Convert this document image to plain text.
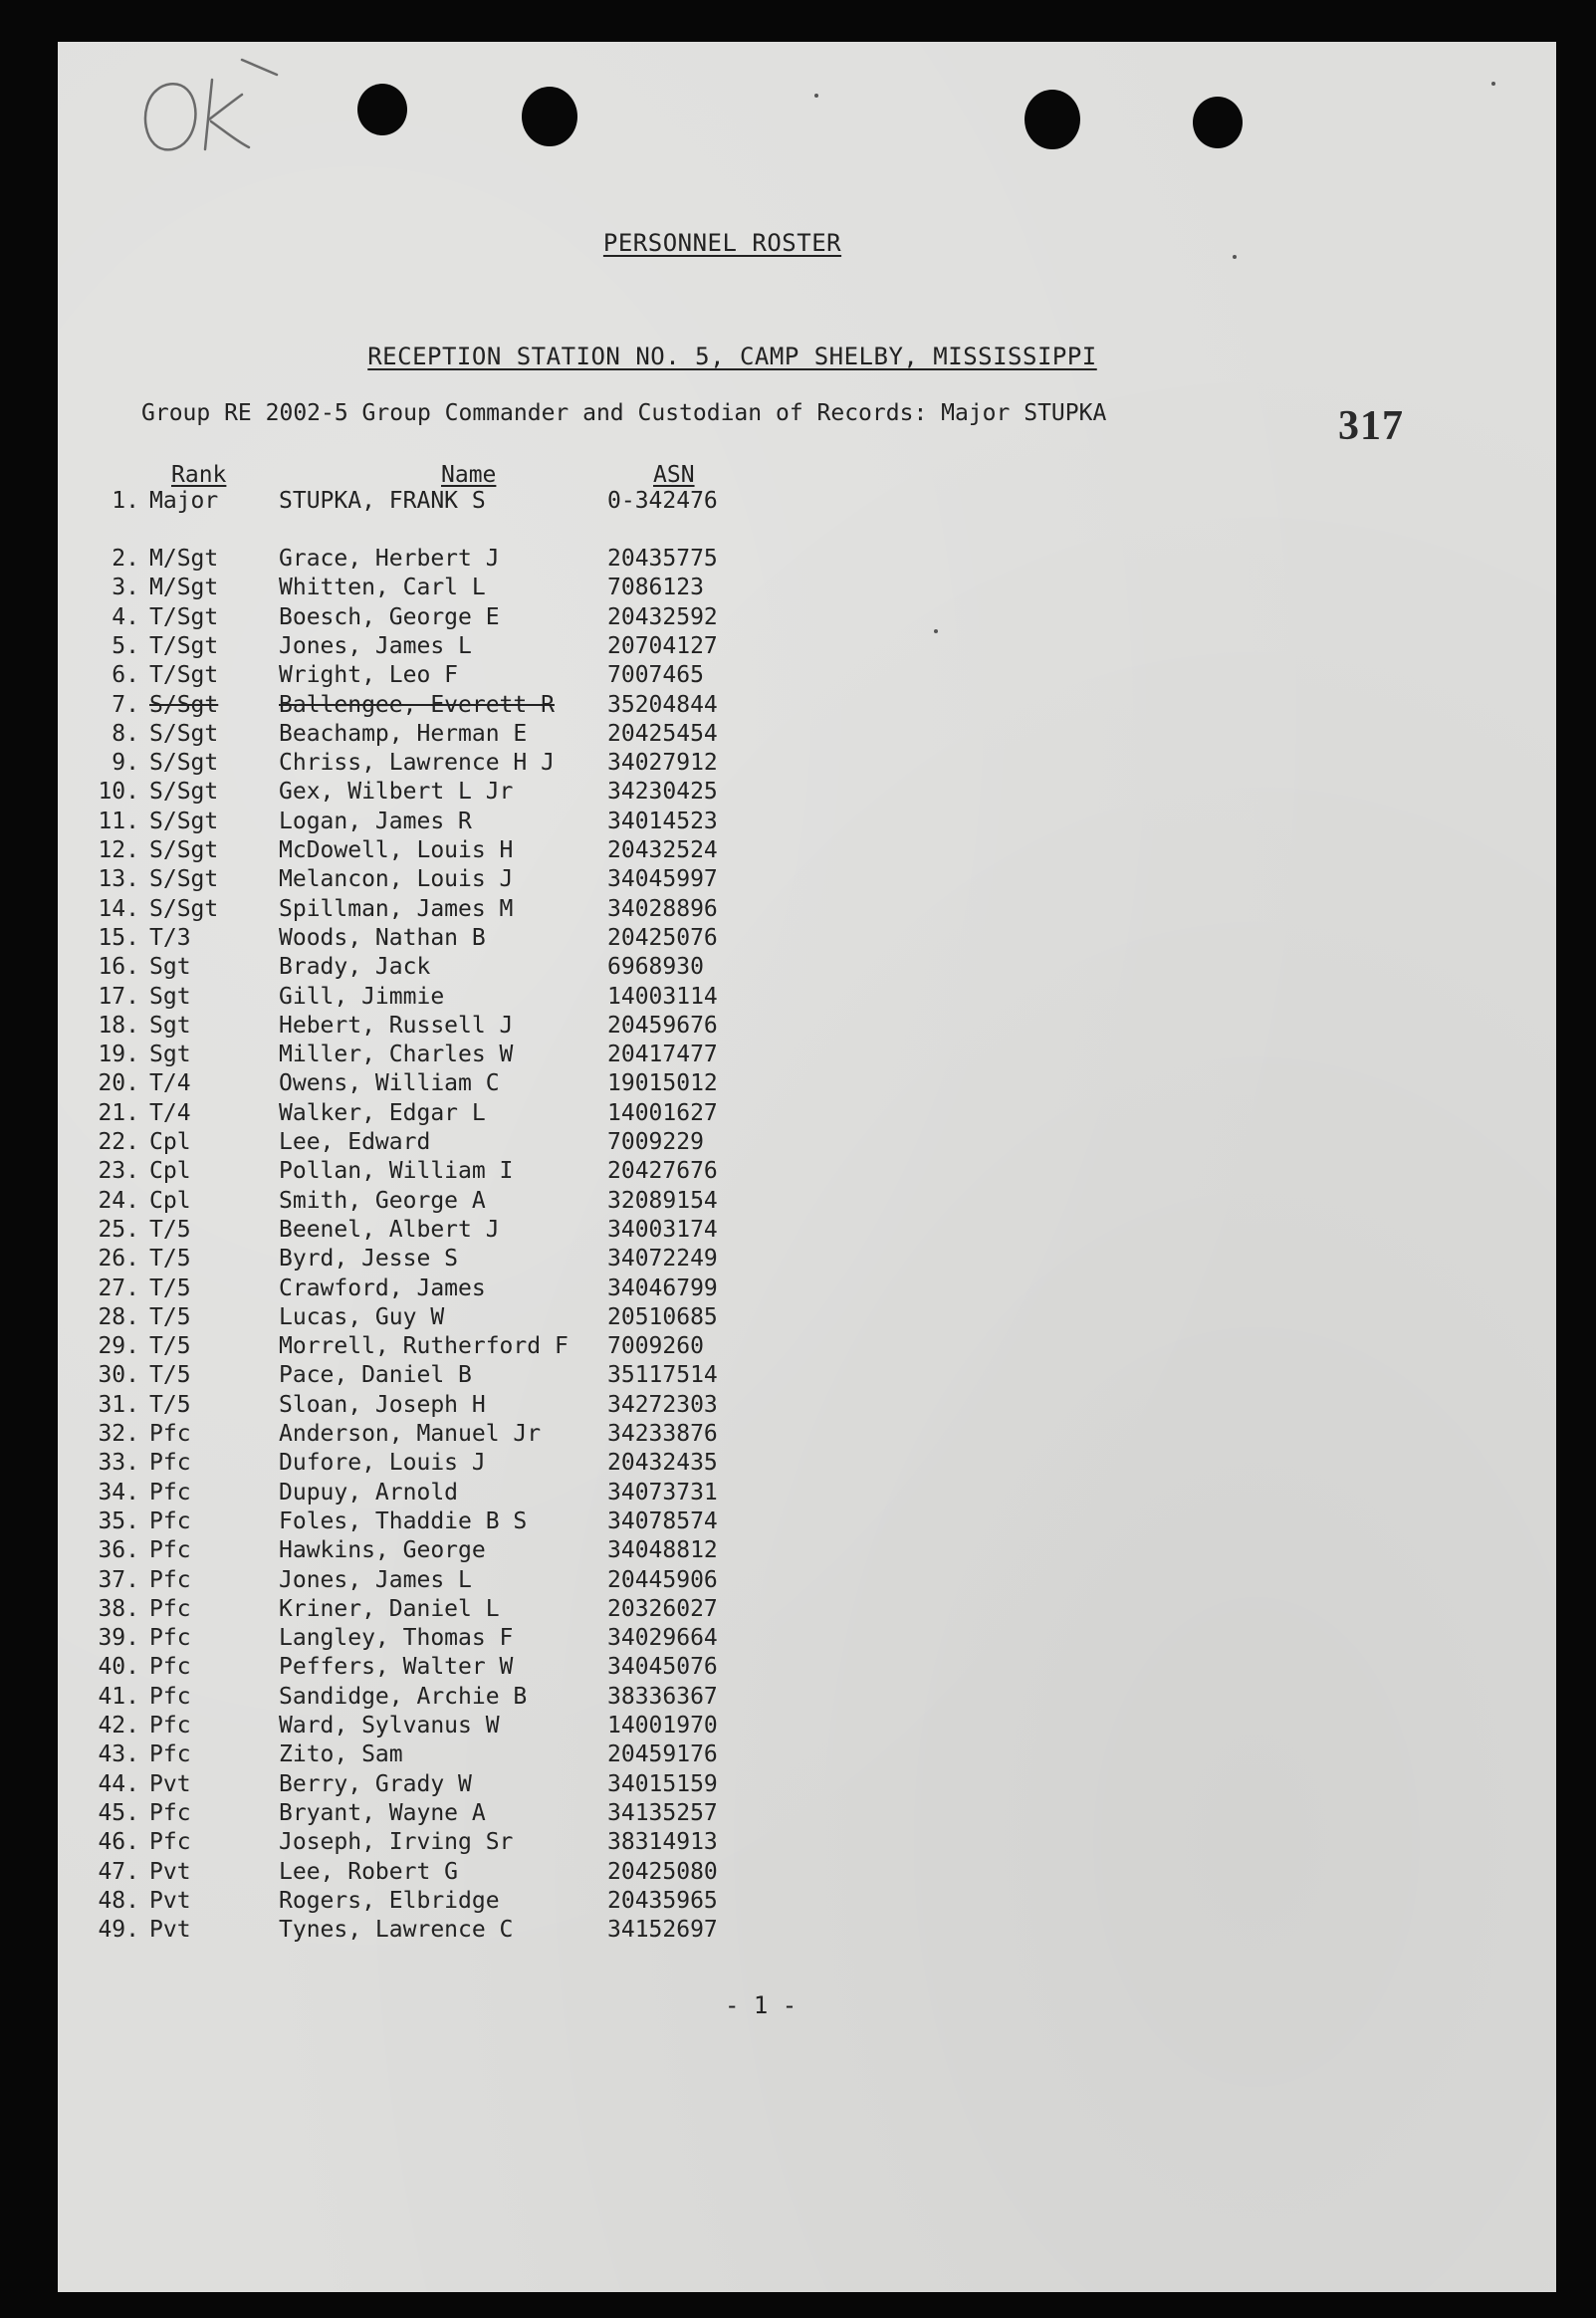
PERSONNEL ROSTER
RECEPTION STATION NO. 5, CAMP SHELBY, MISSISSIPPI
Group RE 2002-5 Group Commander and Custodian of Records: Major STUPKA	317
Rank	Name	ASN
1. Major	STUPKA, FRANK S	0-342476
2. M/Sgt	Grace, Herbert J	20435775
3. M/Sgt	Whitten, Carl L	7086123
4. T/Sgt	Boesch, George E	20432592
5. T/Sgt	Jones, James L	20704127
6. T/Sgt	Wright, Leo F	7007465
7. S/Sgt	Ballengee, Everett R 35204844
8. S/Sgt	Beachamp, Herman E	20425454
9. S/Sgt	Chriss, Lawrence H J 34027912
10. S/Sgt	Gex, Wilbert L Jr	34230425
11. S/Sgt	Logan, James R	34014523
12. S/Sgt	McDowell, Louis H	20432524
13. S/Sgt	Melancon, Louis J	34045997
14. S/Sgt	Spillman, James M	34028896
15. T/3	Woods, Nathan B	20425076
16. Sgt	Brady, Jack	6968930
17. Sgt	Gill, Jimmie	14003114
18. Sgt	Hebert, Russell J	20459676
19. Sgt	Miller, Charles W	20417477
20. T/4	Owens, William C	19015012
21. T/4	Walker, Edgar L	14001627
22. Cpl	Lee, Edward	7009229
23. Cpl	Pollan, William I	20427676
24. Cpl	Smith, George A	32089154
25. T/5	Beenel, Albert J	34003174
26. T/5	Byrd, Jesse S	34072249
27. T/5	Crawford, James	34046799
28. T/5	Lucas, Guy W	20510685
29. T/5	Morrell, Rutherford F 7009260
30. T/5	Pace, Daniel B	35117514
31. T/5	Sloan, Joseph H	34272303
32. Pfc	Anderson, Manuel Jr	34233876
33. Pfc	Dufore, Louis J	20432435
34. Pfc	Dupuy, Arnold	34073731
35. Pfc	Foles, Thaddie B S	34078574
36. Pfc	Hawkins, George	34048812
37. Pfc	Jones, James L	20445906
38. Pfc	Kriner, Daniel L	20326027
39. Pfc	Langley, Thomas F	34029664
40. Pfc	Peffers, Walter W	34045076
41. Pfc	Sandidge, Archie B	38336367
42. Pfc	Ward, Sylvanus W	14001970
43. Pfc	Zito, Sam	20459176
44. Pvt	Berry, Grady W	34015159
45. Pfc	Bryant, Wayne A	34135257
46. Pfc	Joseph, Irving Sr	38314913
47. Pvt	Lee, Robert G	20425080
48. Pvt	Rogers, Elbridge	20435965
49. Pvt	Tynes, Lawrence C	34152697
- 1 -
